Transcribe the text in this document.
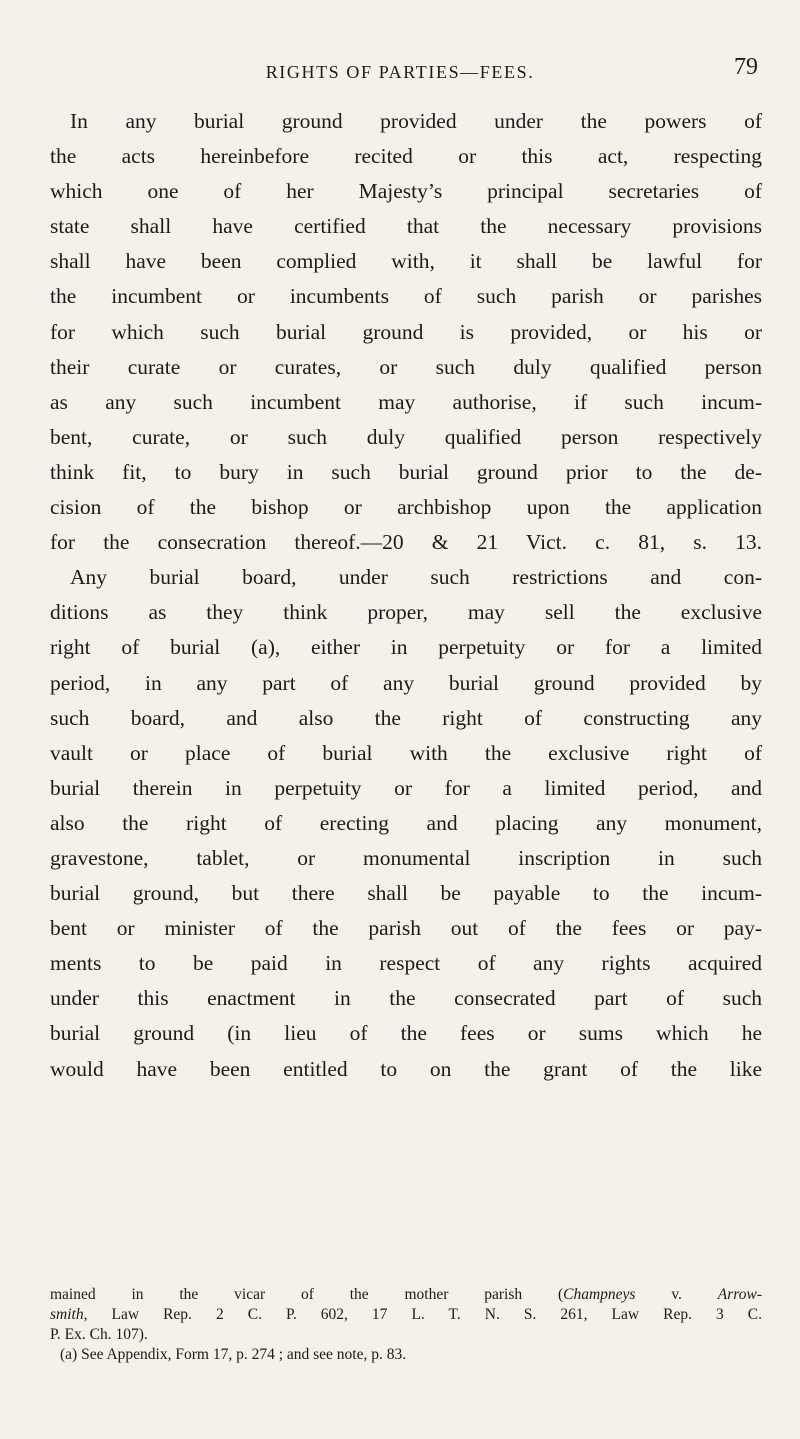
RIGHTS OF PARTIES—FEES.	79
In any burial ground provided under the powers of
the acts hereinbefore recited or this act, respecting
which one of her Majesty’s principal secretaries of
state shall have certified that the necessary provisions
shall have been complied with, it shall be lawful for
the incumbent or incumbents of such parish or parishes
for which such burial ground is provided, or his or
their curate or curates, or such duly qualified person
as any such incumbent may authorise, if such incum-
bent, curate, or such duly qualified person respectively
think fit, to bury in such burial ground prior to the de-
cision of the bishop or archbishop upon the application
for the consecration thereof.—20 & 21 Vict. c. 81, s. 13.
Any burial board, under such restrictions and con-
ditions as they think proper, may sell the exclusive
right of burial (a), either in perpetuity or for a limited
period, in any part of any burial ground provided by
such board, and also the right of constructing any
vault or place of burial with the exclusive right of
burial therein in perpetuity or for a limited period, and
also the right of erecting and placing any monument,
gravestone, tablet, or monumental inscription in such
burial ground, but there shall be payable to the incum-
bent or minister of the parish out of the fees or pay-
ments to be paid in respect of any rights acquired
under this enactment in the consecrated part of such
burial ground (in lieu of the fees or sums which he
would have been entitled to on the grant of the like
mained in the vicar of the mother parish (Champneys v. Arrow-
smith, Law Rep. 2 C. P. 602, 17 L. T. N. S. 261, Law Rep. 3 C.
P. Ex. Ch. 107).
(a) See Appendix, Form 17, p. 274 ; and see note, p. 83.
